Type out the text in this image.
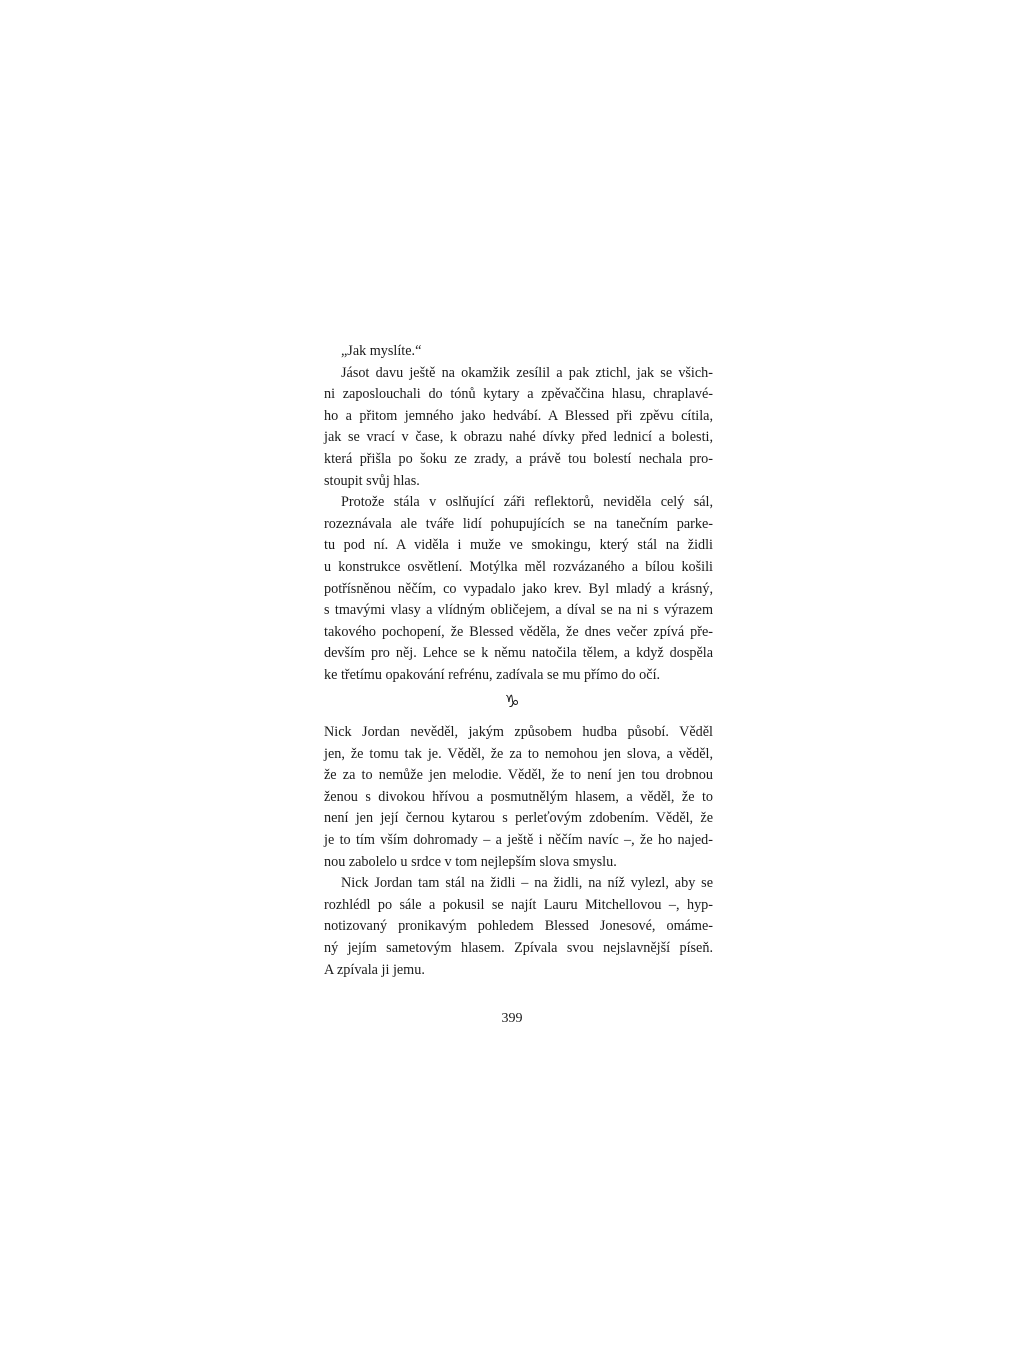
„Jak myslíte.“
Jásot davu ještě na okamžik zesílil a pak ztichl, jak se všich-
ni zaposlouchali do tónů kytary a zpěvaččina hlasu, chraplavé-
ho a přitom jemného jako hedvábí. A Blessed při zpěvu cítila,
jak se vrací v čase, k obrazu nahé dívky před lednicí a bolesti,
která přišla po šoku ze zrady, a právě tou bolestí nechala pro-
stoupit svůj hlas.
Protože stála v oslňující záři reflektorů, neviděla celý sál,
rozeznávala ale tváře lidí pohupujících se na tanečním parke-
tu pod ní. A viděla i muže ve smokingu, který stál na židli
u konstrukce osvětlení. Motýlka měl rozvázaného a bílou košili
potřísněnou něčím, co vypadalo jako krev. Byl mladý a krásný,
s tmavými vlasy a vlídným obličejem, a díval se na ni s výrazem
takového pochopení, že Blessed věděla, že dnes večer zpívá pře-
devším pro něj. Lehce se k němu natočila tělem, a když dospěla
ke třetímu opakování refrénu, zadívala se mu přímo do očí.
♑
Nick Jordan nevěděl, jakým způsobem hudba působí. Věděl
jen, že tomu tak je. Věděl, že za to nemohou jen slova, a věděl,
že za to nemůže jen melodie. Věděl, že to není jen tou drobnou
ženou s divokou hřívou a posmutnělým hlasem, a věděl, že to
není jen její černou kytarou s perleťovým zdobením. Věděl, že
je to tím vším dohromady – a ještě i něčím navíc –, že ho najed-
nou zabolelo u srdce v tom nejlepším slova smyslu.
Nick Jordan tam stál na židli – na židli, na níž vylezl, aby se
rozhlédl po sále a pokusil se najít Lauru Mitchellovou –, hyp-
notizovaný pronikavým pohledem Blessed Jonesové, omáme-
ný jejím sametovým hlasem. Zpívala svou nejslavnější píseň.
A zpívala ji jemu.
399
